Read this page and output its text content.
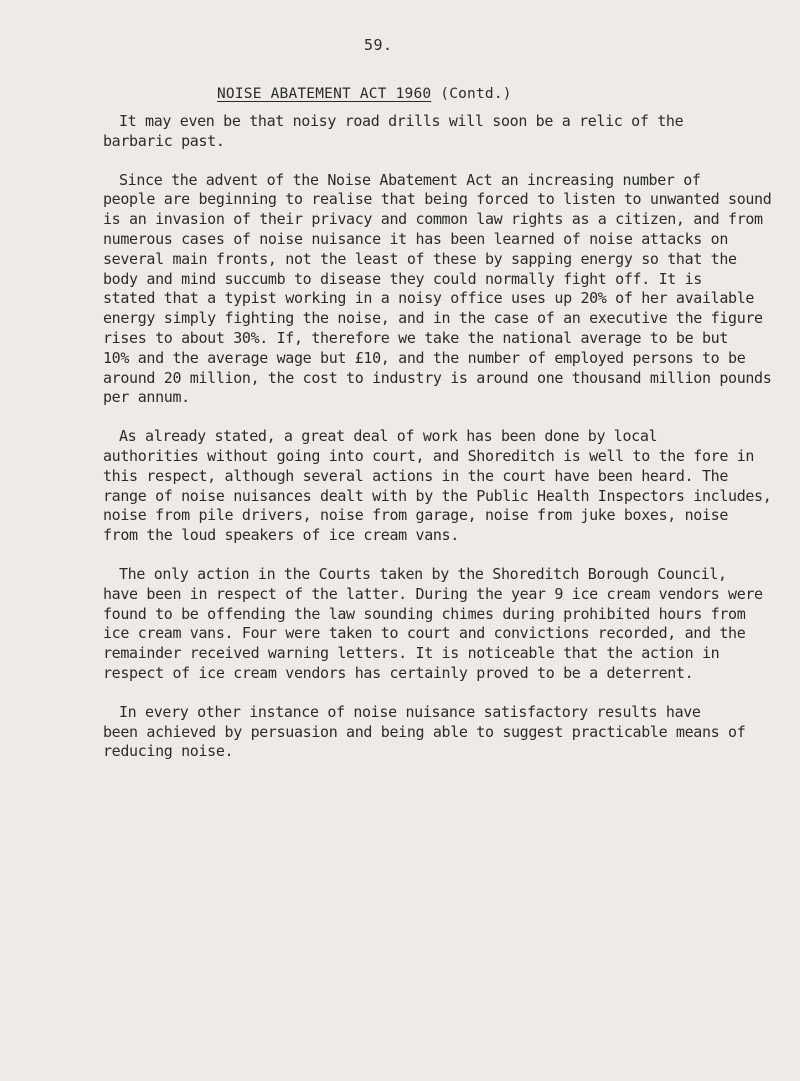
59.
NOISE ABATEMENT ACT 1960 (Contd.)

It may even be that noisy road drills will soon be a relic of the
barbaric past.

Since the advent of the Noise Abatement Act an increasing number of
people are beginning to realise that being forced to listen to unwanted sound
is an invasion of their privacy and common law rights as a citizen, and from
numerous cases of noise nuisance it has been learned of noise attacks on
several main fronts, not the least of these by sapping energy so that the
body and mind succumb to disease they could normally fight off. It is
stated that a typist working in a noisy office uses up 20% of her available
energy simply fighting the noise, and in the case of an executive the figure
rises to about 30%. If, therefore we take the national average to be but
10% and the average wage but £10, and the number of employed persons to be
around 20 million, the cost to industry is around one thousand million pounds
per annum.

As already stated, a great deal of work has been done by local
authorities without going into court, and Shoreditch is well to the fore in
this respect, although several actions in the court have been heard. The
range of noise nuisances dealt with by the Public Health Inspectors includes,
noise from pile drivers, noise from garage, noise from juke boxes, noise
from the loud speakers of ice cream vans.

The only action in the Courts taken by the Shoreditch Borough Council,
have been in respect of the latter. During the year 9 ice cream vendors were
found to be offending the law sounding chimes during prohibited hours from
ice cream vans. Four were taken to court and convictions recorded, and the
remainder received warning letters. It is noticeable that the action in
respect of ice cream vendors has certainly proved to be a deterrent.

In every other instance of noise nuisance satisfactory results have
been achieved by persuasion and being able to suggest practicable means of
reducing noise.
